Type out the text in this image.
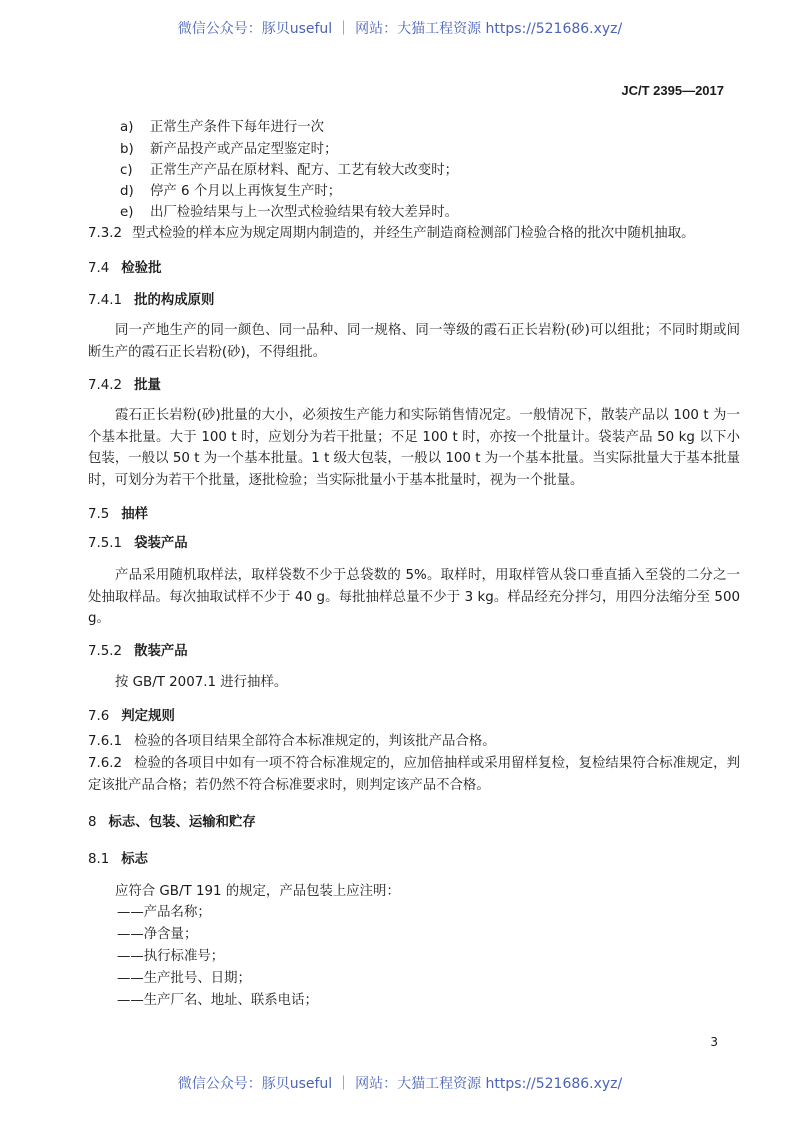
微信公众号：豚贝useful ｜ 网站：大猫工程资源 https://521686.xyz/
JC/T 2395—2017
a) 正常生产条件下每年进行一次
b) 新产品投产或产品定型鉴定时；
c) 正常生产产品在原材料、配方、工艺有较大改变时；
d) 停产 6 个月以上再恢复生产时；
e) 出厂检验结果与上一次型式检验结果有较大差异时。
7.3.2 型式检验的样本应为规定周期内制造的，并经生产制造商检测部门检验合格的批次中随机抽取。
7.4 检验批
7.4.1 批的构成原则
同一产地生产的同一颜色、同一品种、同一规格、同一等级的霞石正长岩粉(砂)可以组批；不同时期或间断生产的霞石正长岩粉(砂)，不得组批。
7.4.2 批量
霞石正长岩粉(砂)批量的大小，必须按生产能力和实际销售情况定。一般情况下，散装产品以 100 t 为一个基本批量。大于 100 t 时，应划分为若干批量；不足 100 t 时，亦按一个批量计。袋装产品 50 kg 以下小包装，一般以 50 t 为一个基本批量。1 t 级大包装，一般以 100 t 为一个基本批量。当实际批量大于基本批量时，可划分为若干个批量，逐批检验；当实际批量小于基本批量时，视为一个批量。
7.5 抽样
7.5.1 袋装产品
产品采用随机取样法，取样袋数不少于总袋数的 5%。取样时，用取样管从袋口垂直插入至袋的二分之一处抽取样品。每次抽取试样不少于 40 g。每批抽样总量不少于 3 kg。样品经充分拌匀，用四分法缩分至 500 g。
7.5.2 散装产品
按 GB/T 2007.1 进行抽样。
7.6 判定规则
7.6.1 检验的各项目结果全部符合本标准规定的，判该批产品合格。
7.6.2 检验的各项目中如有一项不符合标准规定的，应加倍抽样或采用留样复检，复检结果符合标准规定，判定该批产品合格；若仍然不符合标准要求时，则判定该产品不合格。
8 标志、包装、运输和贮存
8.1 标志
应符合 GB/T 191 的规定，产品包装上应注明：
——产品名称；
——净含量；
——执行标准号；
——生产批号、日期；
——生产厂名、地址、联系电话；
3
微信公众号：豚贝useful ｜ 网站：大猫工程资源 https://521686.xyz/
